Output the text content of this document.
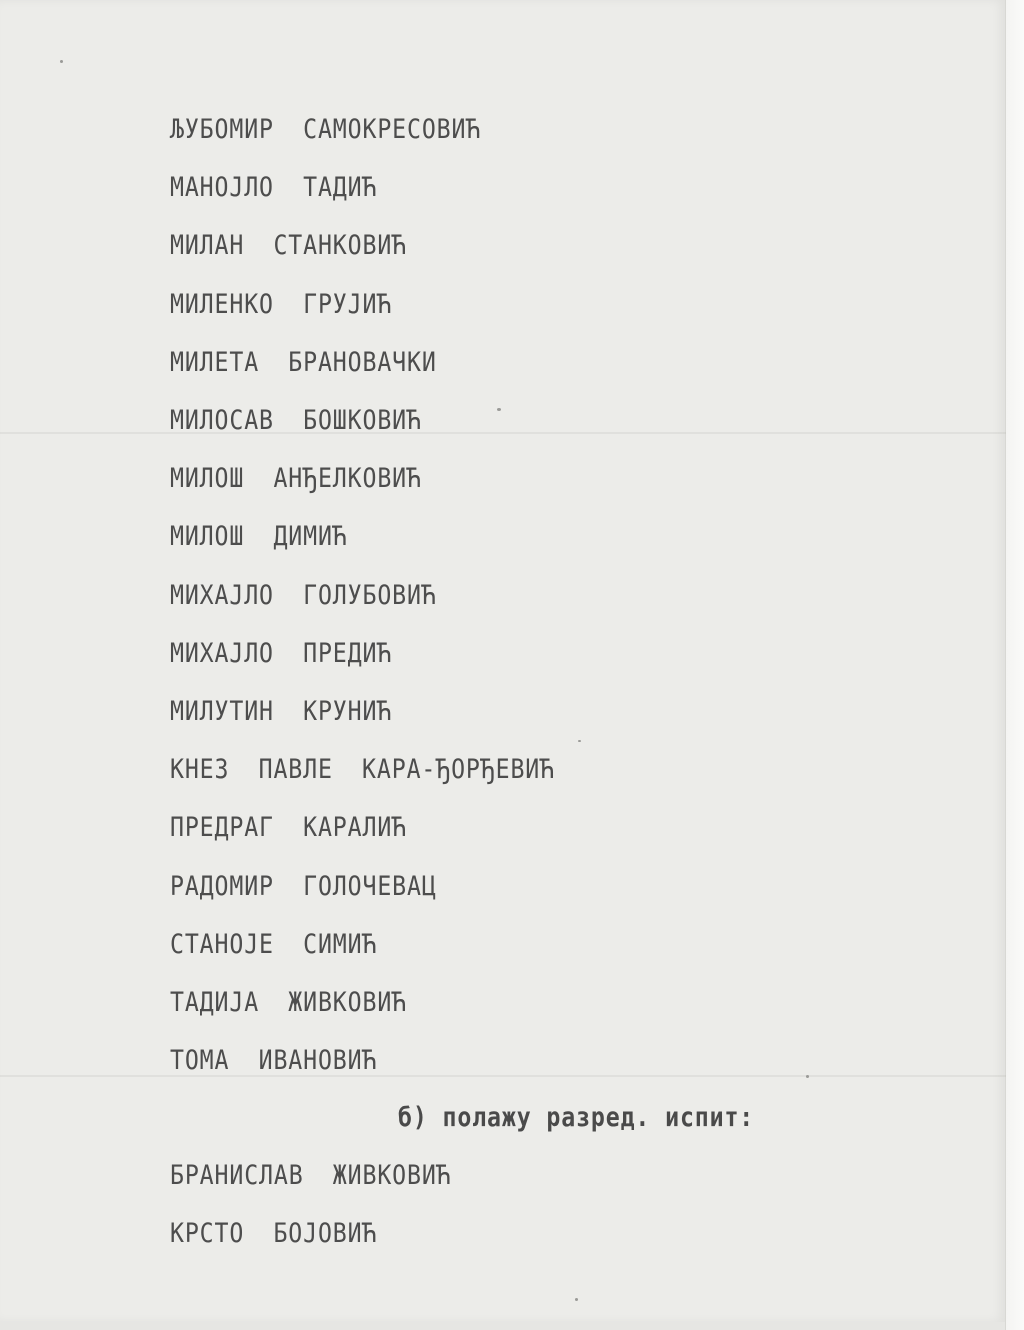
ЉУБОМИР САМОКРЕСОВИЋ

МАНОЈЛО ТАДИЋ

МИЛАН СТАНКОВИЋ

МИЛЕНКО ГРУЈИЋ

МИЛЕТА БРАНОВАЧКИ

МИЛОСАВ БОШКОВИЋ

МИЛОШ АНЂЕЛКОВИЋ

МИЛОШ ДИМИЋ

МИХАЈЛО ГОЛУБОВИЋ

МИХАЈЛО ПРЕДИЋ

МИЛУТИН КРУНИЋ

КНЕЗ ПАВЛЕ КАРА-ЂОРЂЕВИЋ

ПРЕДРАГ КАРАЛИЋ

РАДОМИР ГОЛОЧЕВАЦ

СТАНОЈЕ СИМИЋ

ТАДИЈА ЖИВКОВИЋ

ТОМА ИВАНОВИЋ

б) полажу разред. испит:

БРАНИСЛАВ ЖИВКОВИЋ

КРСТО БОЈОВИЋ
